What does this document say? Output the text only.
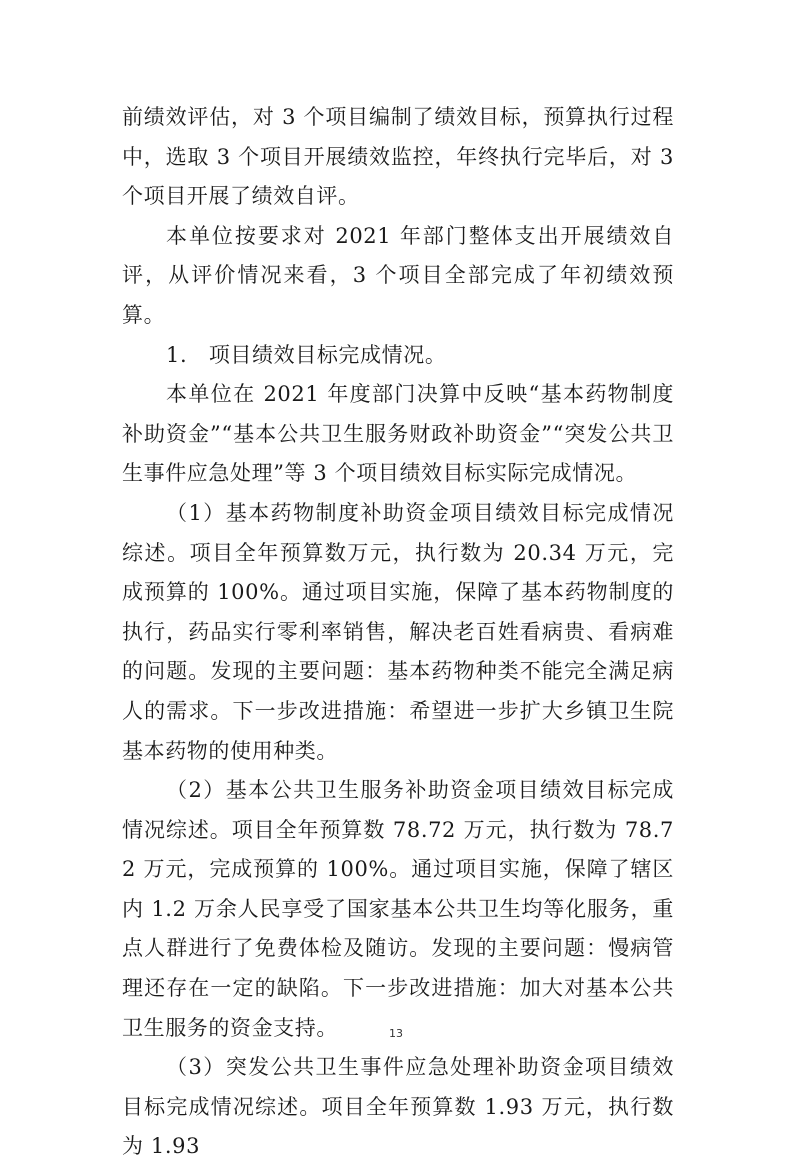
前绩效评估，对 3 个项目编制了绩效目标，预算执行过程中，选取 3 个项目开展绩效监控，年终执行完毕后，对 3 个项目开展了绩效自评。

本单位按要求对 2021 年部门整体支出开展绩效自评，从评价情况来看，3 个项目全部完成了年初绩效预算。

1.　项目绩效目标完成情况。

本单位在 2021 年度部门决算中反映“基本药物制度补助资金”“基本公共卫生服务财政补助资金”“突发公共卫生事件应急处理”等 3 个项目绩效目标实际完成情况。

（1）基本药物制度补助资金项目绩效目标完成情况综述。项目全年预算数万元，执行数为 20.34 万元，完成预算的 100%。通过项目实施，保障了基本药物制度的执行，药品实行零利率销售，解决老百姓看病贵、看病难的问题。发现的主要问题：基本药物种类不能完全满足病人的需求。下一步改进措施：希望进一步扩大乡镇卫生院基本药物的使用种类。

（2）基本公共卫生服务补助资金项目绩效目标完成情况综述。项目全年预算数 78.72 万元，执行数为 78.72 万元，完成预算的 100%。通过项目实施，保障了辖区内 1.2 万余人民享受了国家基本公共卫生均等化服务，重点人群进行了免费体检及随访。发现的主要问题：慢病管理还存在一定的缺陷。下一步改进措施：加大对基本公共卫生服务的资金支持。

（3）突发公共卫生事件应急处理补助资金项目绩效目标完成情况综述。项目全年预算数 1.93 万元，执行数为 1.93

13
